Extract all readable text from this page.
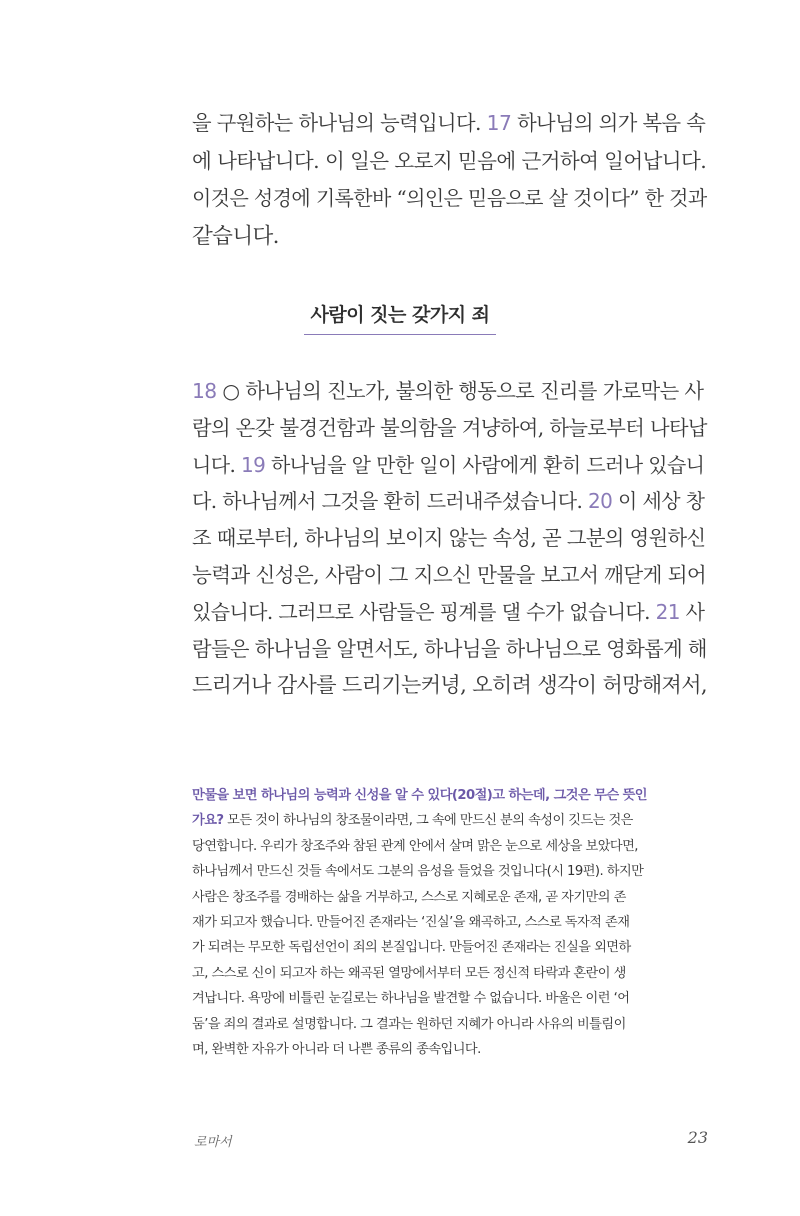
을 구원하는 하나님의 능력입니다. 17 하나님의 의가 복음 속
에 나타납니다. 이 일은 오로지 믿음에 근거하여 일어납니다.
이것은 성경에 기록한바 “의인은 믿음으로 살 것이다” 한 것과
같습니다.
사람이 짓는 갖가지 죄
18 ○ 하나님의 진노가, 불의한 행동으로 진리를 가로막는 사
람의 온갖 불경건함과 불의함을 겨냥하여, 하늘로부터 나타납
니다. 19 하나님을 알 만한 일이 사람에게 환히 드러나 있습니
다. 하나님께서 그것을 환히 드러내주셨습니다. 20 이 세상 창
조 때로부터, 하나님의 보이지 않는 속성, 곧 그분의 영원하신
능력과 신성은, 사람이 그 지으신 만물을 보고서 깨닫게 되어
있습니다. 그러므로 사람들은 핑계를 댈 수가 없습니다. 21 사
람들은 하나님을 알면서도, 하나님을 하나님으로 영화롭게 해
드리거나 감사를 드리기는커녕, 오히려 생각이 허망해져서,
만물을 보면 하나님의 능력과 신성을 알 수 있다(20절)고 하는데, 그것은 무슨 뜻인
가요? 모든 것이 하나님의 창조물이라면, 그 속에 만드신 분의 속성이 깃드는 것은
당연합니다. 우리가 창조주와 참된 관계 안에서 살며 맑은 눈으로 세상을 보았다면,
하나님께서 만드신 것들 속에서도 그분의 음성을 들었을 것입니다(시 19편). 하지만
사람은 창조주를 경배하는 삶을 거부하고, 스스로 지혜로운 존재, 곧 자기만의 존
재가 되고자 했습니다. 만들어진 존재라는 ‘진실’을 왜곡하고, 스스로 독자적 존재
가 되려는 무모한 독립선언이 죄의 본질입니다. 만들어진 존재라는 진실을 외면하
고, 스스로 신이 되고자 하는 왜곡된 열망에서부터 모든 정신적 타락과 혼란이 생
겨납니다. 욕망에 비틀린 눈길로는 하나님을 발견할 수 없습니다. 바울은 이런 ‘어
둠’을 죄의 결과로 설명합니다. 그 결과는 원하던 지혜가 아니라 사유의 비틀림이
며, 완벽한 자유가 아니라 더 나쁜 종류의 종속입니다.
로마서	23
